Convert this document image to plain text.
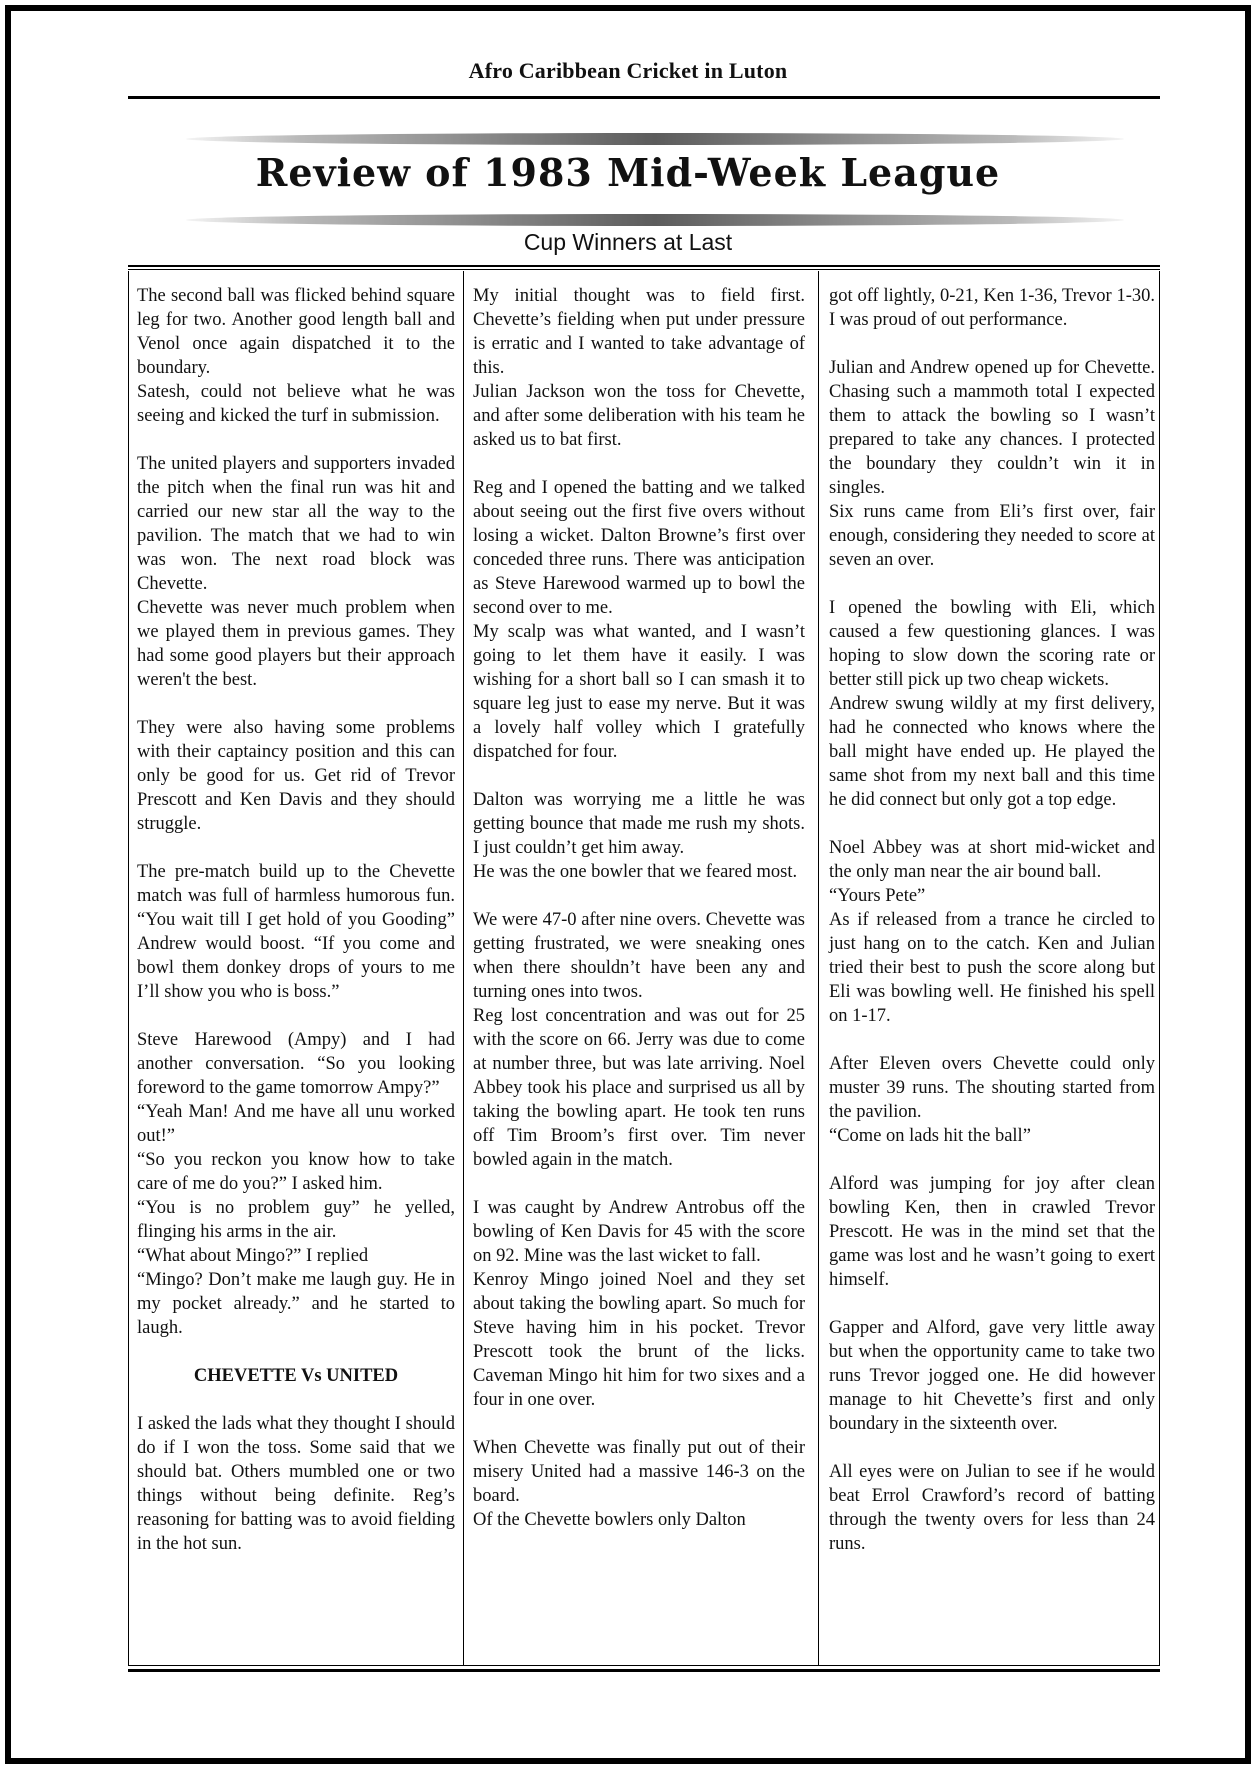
Afro Caribbean Cricket in Luton
Review of 1983 Mid-Week League
Cup Winners at Last

The second ball was flicked behind square leg for two. Another good length ball and Venol once again dispatched it to the boundary.
Satesh, could not believe what he was seeing and kicked the turf in submission.

The united players and supporters invaded the pitch when the final run was hit and carried our new star all the way to the pavilion. The match that we had to win was won. The next road block was Chevette.
Chevette was never much problem when we played them in previous games. They had some good players but their approach weren't the best.

They were also having some problems with their captaincy position and this can only be good for us. Get rid of Trevor Prescott and Ken Davis and they should struggle.

The pre-match build up to the Chevette match was full of harmless humorous fun. “You wait till I get hold of you Gooding” Andrew would boost. “If you come and bowl them donkey drops of yours to me I’ll show you who is boss.”

Steve Harewood (Ampy) and I had another conversation. “So you looking foreword to the game tomorrow Ampy?”
“Yeah Man! And me have all unu worked out!”
“So you reckon you know how to take care of me do you?” I asked him.
“You is no problem guy” he yelled, flinging his arms in the air.
“What about Mingo?” I replied
“Mingo? Don’t make me laugh guy. He in my pocket already.” and he started to laugh.

CHEVETTE Vs UNITED

I asked the lads what they thought I should do if I won the toss. Some said that we should bat. Others mumbled one or two things without being definite. Reg’s reasoning for batting was to avoid fielding in the hot sun.

My initial thought was to field first. Chevette’s fielding when put under pressure is erratic and I wanted to take advantage of this.
Julian Jackson won the toss for Chevette, and after some deliberation with his team he asked us to bat first.

Reg and I opened the batting and we talked about seeing out the first five overs without losing a wicket. Dalton Browne’s first over conceded three runs. There was anticipation as Steve Harewood warmed up to bowl the second over to me.
My scalp was what wanted, and I wasn’t going to let them have it easily. I was wishing for a short ball so I can smash it to square leg just to ease my nerve. But it was a lovely half volley which I gratefully dispatched for four.

Dalton was worrying me a little he was getting bounce that made me rush my shots. I just couldn’t get him away.
He was the one bowler that we feared most.

We were 47-0 after nine overs. Chevette was getting frustrated, we were sneaking ones when there shouldn’t have been any and turning ones into twos.
Reg lost concentration and was out for 25 with the score on 66. Jerry was due to come at number three, but was late arriving. Noel Abbey took his place and surprised us all by taking the bowling apart. He took ten runs off Tim Broom’s first over. Tim never bowled again in the match.

I was caught by Andrew Antrobus off the bowling of Ken Davis for 45 with the score on 92. Mine was the last wicket to fall.
Kenroy Mingo joined Noel and they set about taking the bowling apart. So much for Steve having him in his pocket. Trevor Prescott took the brunt of the licks. Caveman Mingo hit him for two sixes and a four in one over.

When Chevette was finally put out of their misery United had a massive 146-3 on the board.
Of the Chevette bowlers only Dalton

got off lightly, 0-21, Ken 1-36, Trevor 1-30. I was proud of out performance.

Julian and Andrew opened up for Chevette. Chasing such a mammoth total I expected them to attack the bowling so I wasn’t prepared to take any chances. I protected the boundary they couldn’t win it in singles.
Six runs came from Eli’s first over, fair enough, considering they needed to score at seven an over.

I opened the bowling with Eli, which caused a few questioning glances. I was hoping to slow down the scoring rate or better still pick up two cheap wickets.
Andrew swung wildly at my first delivery, had he connected who knows where the ball might have ended up. He played the same shot from my next ball and this time he did connect but only got a top edge.

Noel Abbey was at short mid-wicket and the only man near the air bound ball.
“Yours Pete”
As if released from a trance he circled to just hang on to the catch. Ken and Julian tried their best to push the score along but Eli was bowling well. He finished his spell on 1-17.

After Eleven overs Chevette could only muster 39 runs. The shouting started from the pavilion.
“Come on lads hit the ball”

Alford was jumping for joy after clean bowling Ken, then in crawled Trevor Prescott. He was in the mind set that the game was lost and he wasn’t going to exert himself.

Gapper and Alford, gave very little away but when the opportunity came to take two runs Trevor jogged one. He did however manage to hit Chevette’s first and only boundary in the sixteenth over.

All eyes were on Julian to see if he would beat Errol Crawford’s record of batting through the twenty overs for less than 24 runs.
